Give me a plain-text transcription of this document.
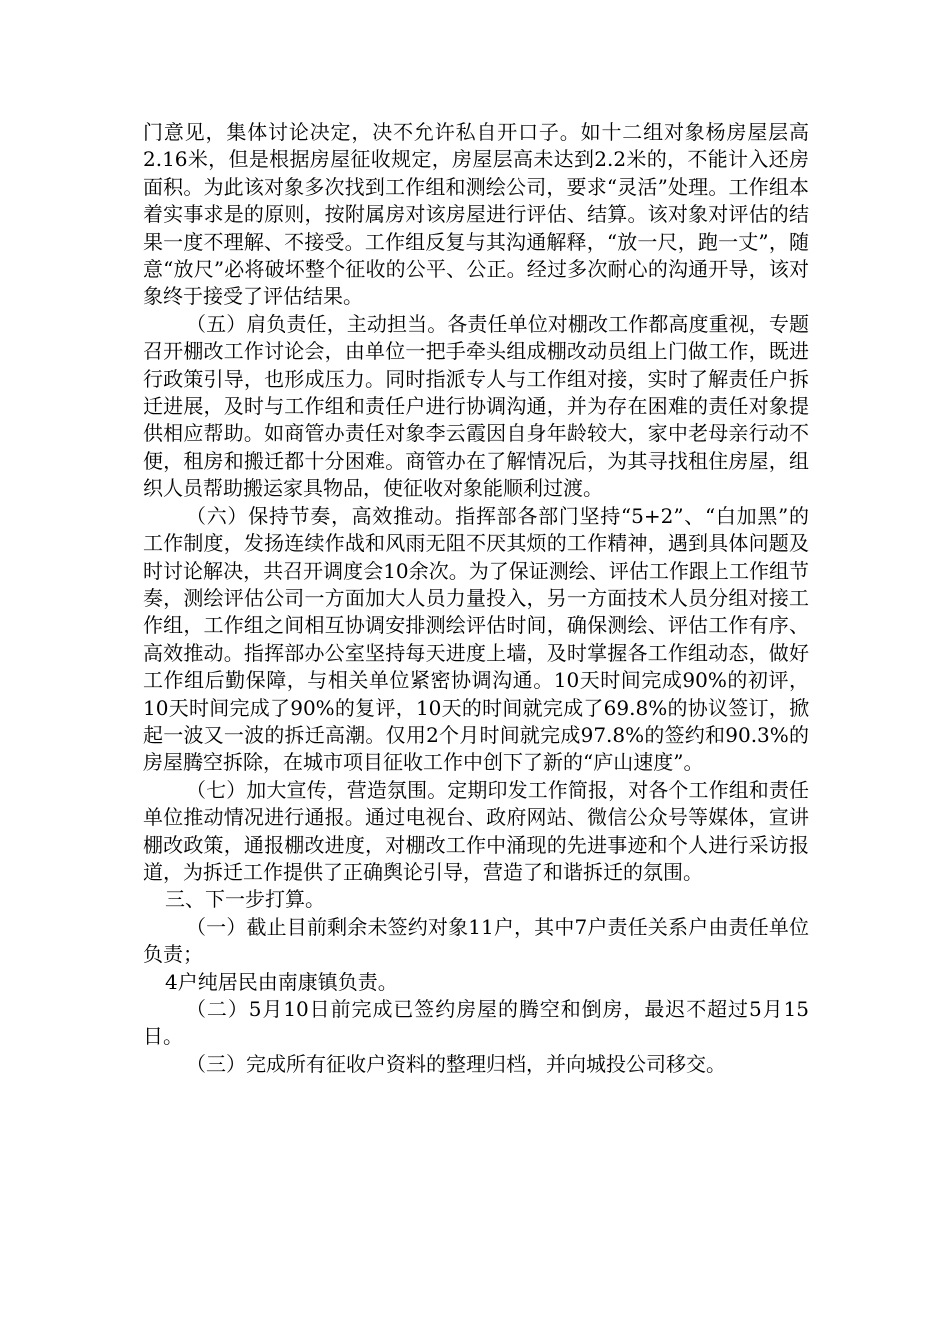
门意见，集体讨论决定，决不允许私自开口子。如十二组对象杨房屋层高2.16米，但是根据房屋征收规定，房屋层高未达到2.2米的，不能计入还房面积。为此该对象多次找到工作组和测绘公司，要求“灵活”处理。工作组本着实事求是的原则，按附属房对该房屋进行评估、结算。该对象对评估的结果一度不理解、不接受。工作组反复与其沟通解释，“放一尺，跑一丈”，随意“放尺”必将破坏整个征收的公平、公正。经过多次耐心的沟通开导，该对象终于接受了评估结果。

（五）肩负责任，主动担当。各责任单位对棚改工作都高度重视，专题召开棚改工作讨论会，由单位一把手牵头组成棚改动员组上门做工作，既进行政策引导，也形成压力。同时指派专人与工作组对接，实时了解责任户拆迁进展，及时与工作组和责任户进行协调沟通，并为存在困难的责任对象提供相应帮助。如商管办责任对象李云霞因自身年龄较大，家中老母亲行动不便，租房和搬迁都十分困难。商管办在了解情况后，为其寻找租住房屋，组织人员帮助搬运家具物品，使征收对象能顺利过渡。

（六）保持节奏，高效推动。指挥部各部门坚持“5+2”、“白加黑”的工作制度，发扬连续作战和风雨无阻不厌其烦的工作精神，遇到具体问题及时讨论解决，共召开调度会10余次。为了保证测绘、评估工作跟上工作组节奏，测绘评估公司一方面加大人员力量投入，另一方面技术人员分组对接工作组，工作组之间相互协调安排测绘评估时间，确保测绘、评估工作有序、高效推动。指挥部办公室坚持每天进度上墙，及时掌握各工作组动态，做好工作组后勤保障，与相关单位紧密协调沟通。10天时间完成90%的初评，10天时间完成了90%的复评，10天的时间就完成了69.8%的协议签订，掀起一波又一波的拆迁高潮。仅用2个月时间就完成97.8%的签约和90.3%的房屋腾空拆除，在城市项目征收工作中创下了新的“庐山速度”。

（七）加大宣传，营造氛围。定期印发工作简报，对各个工作组和责任单位推动情况进行通报。通过电视台、政府网站、微信公众号等媒体，宣讲棚改政策，通报棚改进度，对棚改工作中涌现的先进事迹和个人进行采访报道，为拆迁工作提供了正确舆论引导，营造了和谐拆迁的氛围。

三、下一步打算。

（一）截止目前剩余未签约对象11户，其中7户责任关系户由责任单位负责；

4户纯居民由南康镇负责。

（二）5月10日前完成已签约房屋的腾空和倒房，最迟不超过5月15日。

（三）完成所有征收户资料的整理归档，并向城投公司移交。
